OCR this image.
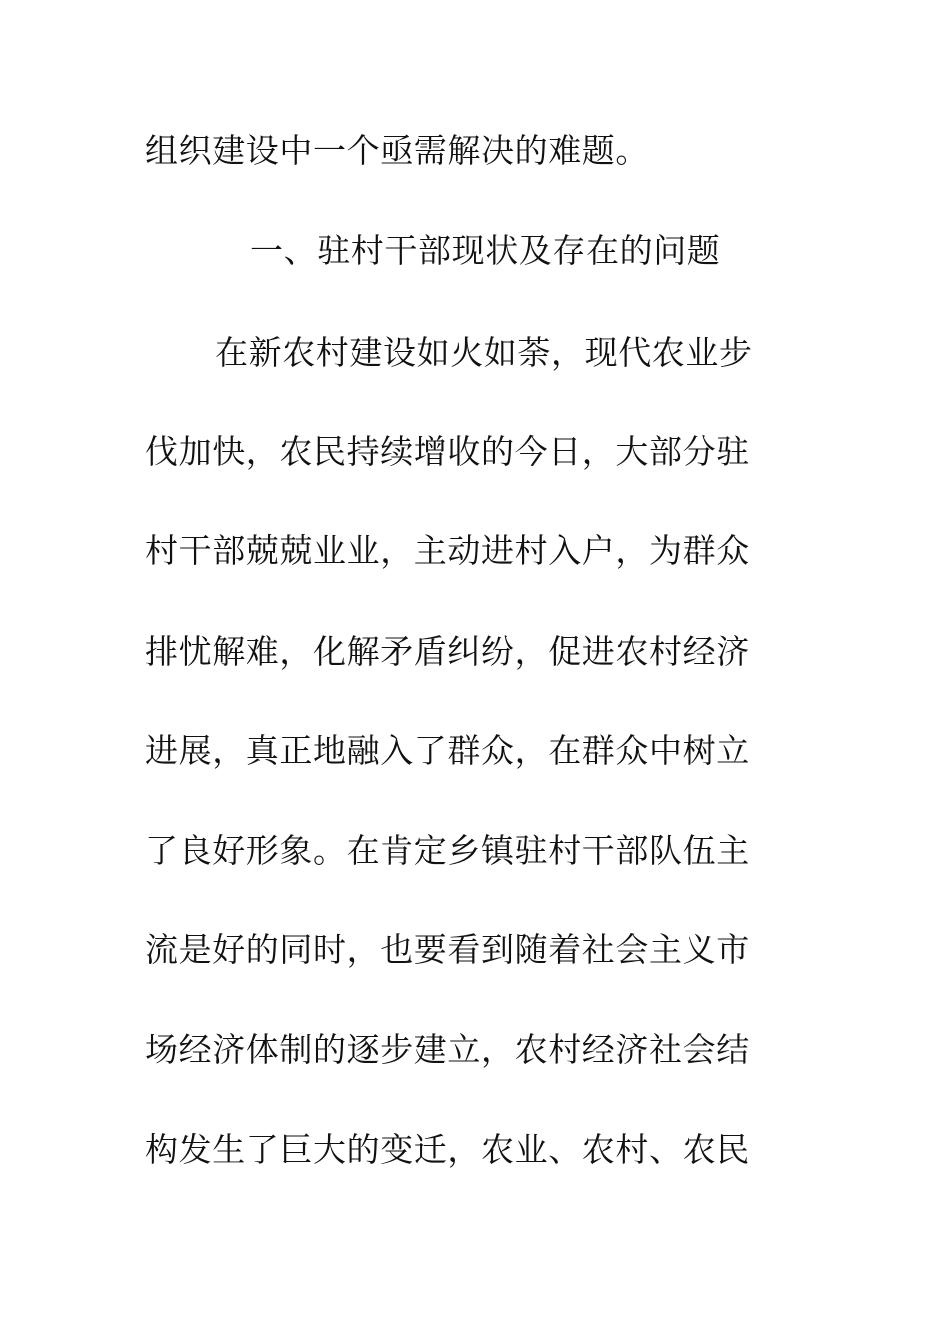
组织建设中一个亟需解决的难题。
一、驻村干部现状及存在的问题
在新农村建设如火如荼，现代农业步
伐加快，农民持续增收的今日，大部分驻
村干部兢兢业业，主动进村入户，为群众
排忧解难，化解矛盾纠纷，促进农村经济
进展，真正地融入了群众，在群众中树立
了良好形象。在肯定乡镇驻村干部队伍主
流是好的同时，也要看到随着社会主义市
场经济体制的逐步建立，农村经济社会结
构发生了巨大的变迁，农业、农村、农民
